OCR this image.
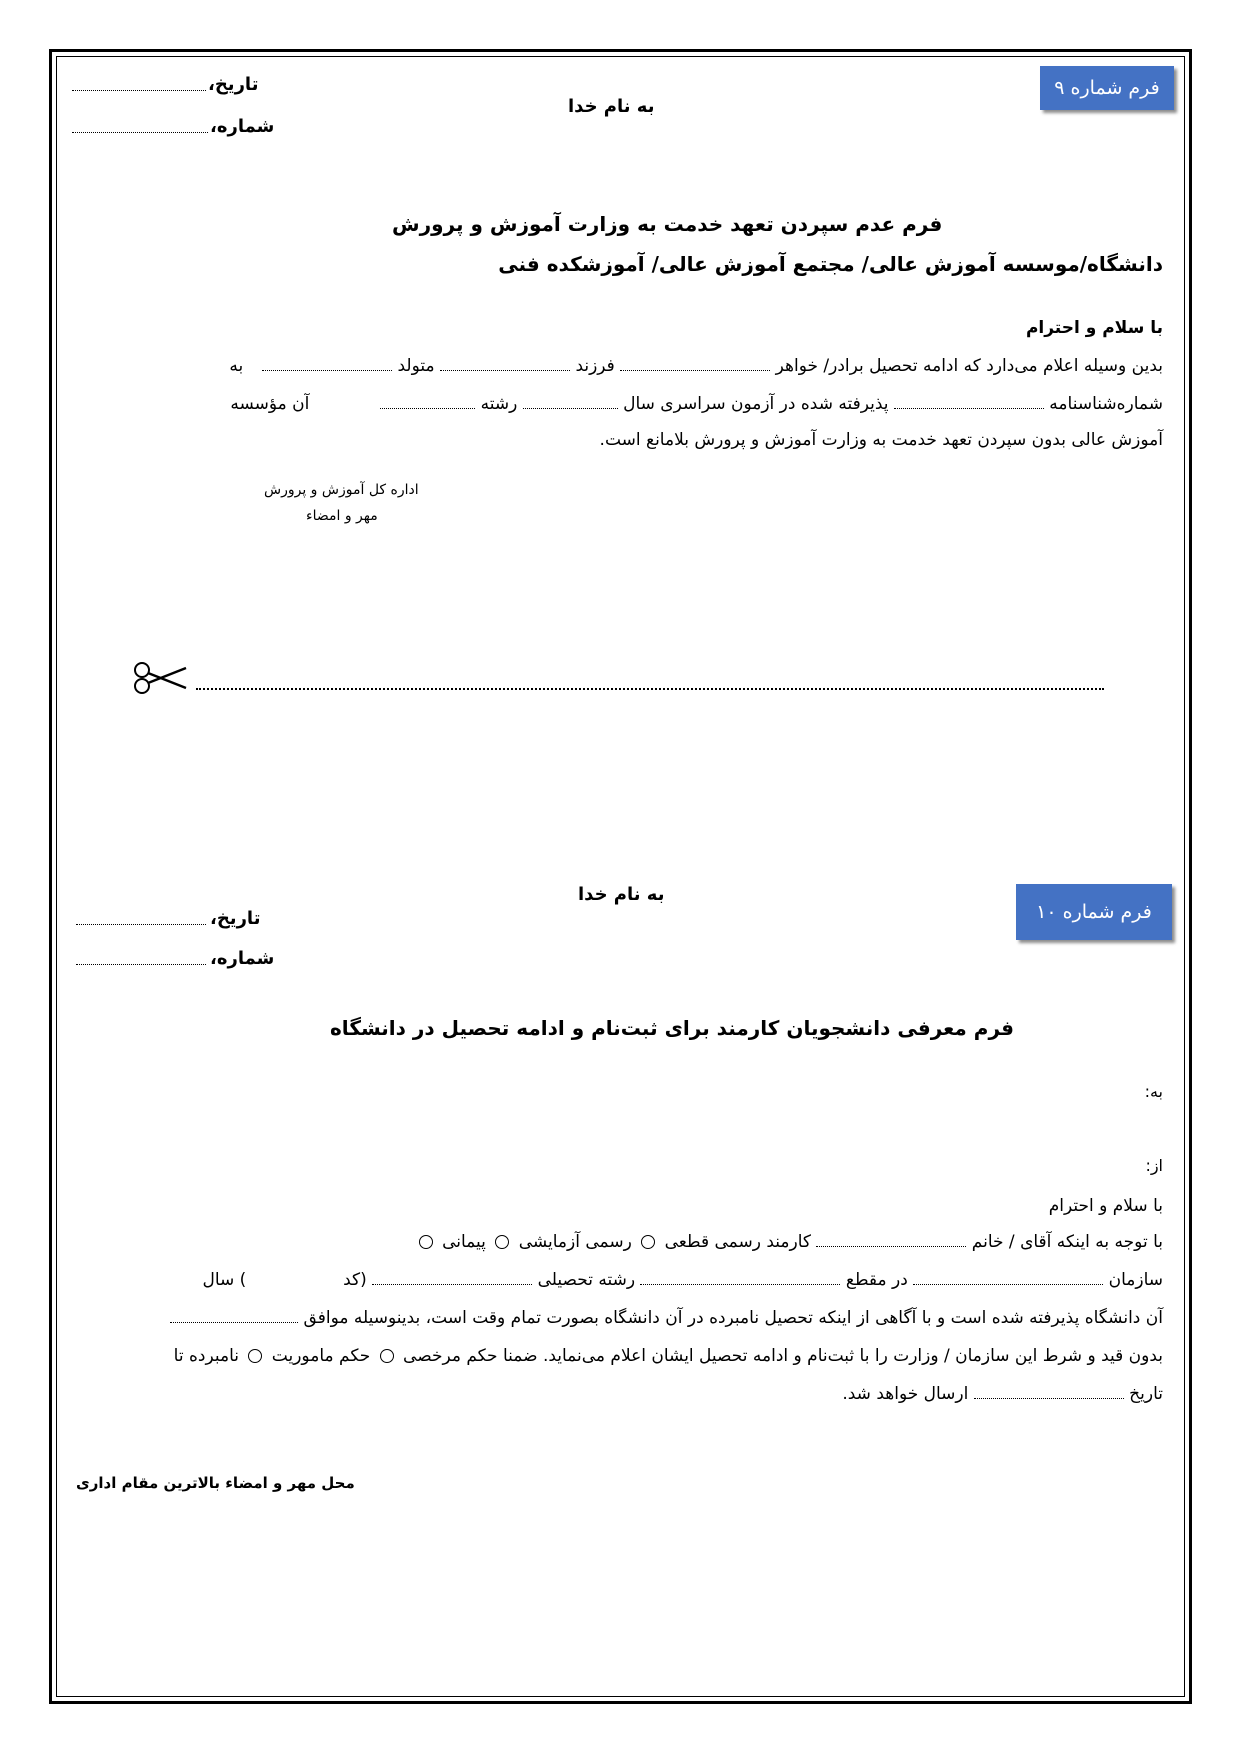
فرم شماره ۹
تاریخ،
شماره،
به نام خدا
فرم عدم سپردن تعهد خدمت به وزارت آموزش و پرورش
دانشگاه/موسسه آموزش عالی/ مجتمع آموزش عالی/ آموزشکده فنی
با سلام و احترام
بدین وسیله اعلام می‌دارد که ادامه تحصیل برادر/ خواهر  فرزند  متولد   به
شماره‌شناسنامه  پذیرفته شده در آزمون سراسری سال  رشته   آن مؤسسه
آموزش عالی بدون سپردن تعهد خدمت به وزارت آموزش و پرورش بلامانع است.
اداره کل آموزش و پرورش
مهر و امضاء
فرم شماره ۱۰
به نام خدا
تاریخ،
شماره،
فرم معرفی دانشجویان کارمند برای ثبت‌نام و ادامه تحصیل در دانشگاه
به:
از:
با سلام و احترام
با توجه به اینکه آقای / خانم  کارمند رسمی قطعی  رسمی آزمایشی  پیمانی
سازمان  در مقطع  رشته تحصیلی  (کد  ) سال
آن دانشگاه پذیرفته شده است و با آگاهی از اینکه تحصیل نامبرده در آن دانشگاه بصورت تمام وقت است، بدینوسیله موافق
بدون قید و شرط این سازمان / وزارت را با ثبت‌نام و ادامه تحصیل ایشان اعلام می‌نماید. ضمنا حکم مرخصی  حکم ماموریت  نامبرده تا
تاریخ  ارسال خواهد شد.
محل مهر و امضاء بالاترین مقام اداری
